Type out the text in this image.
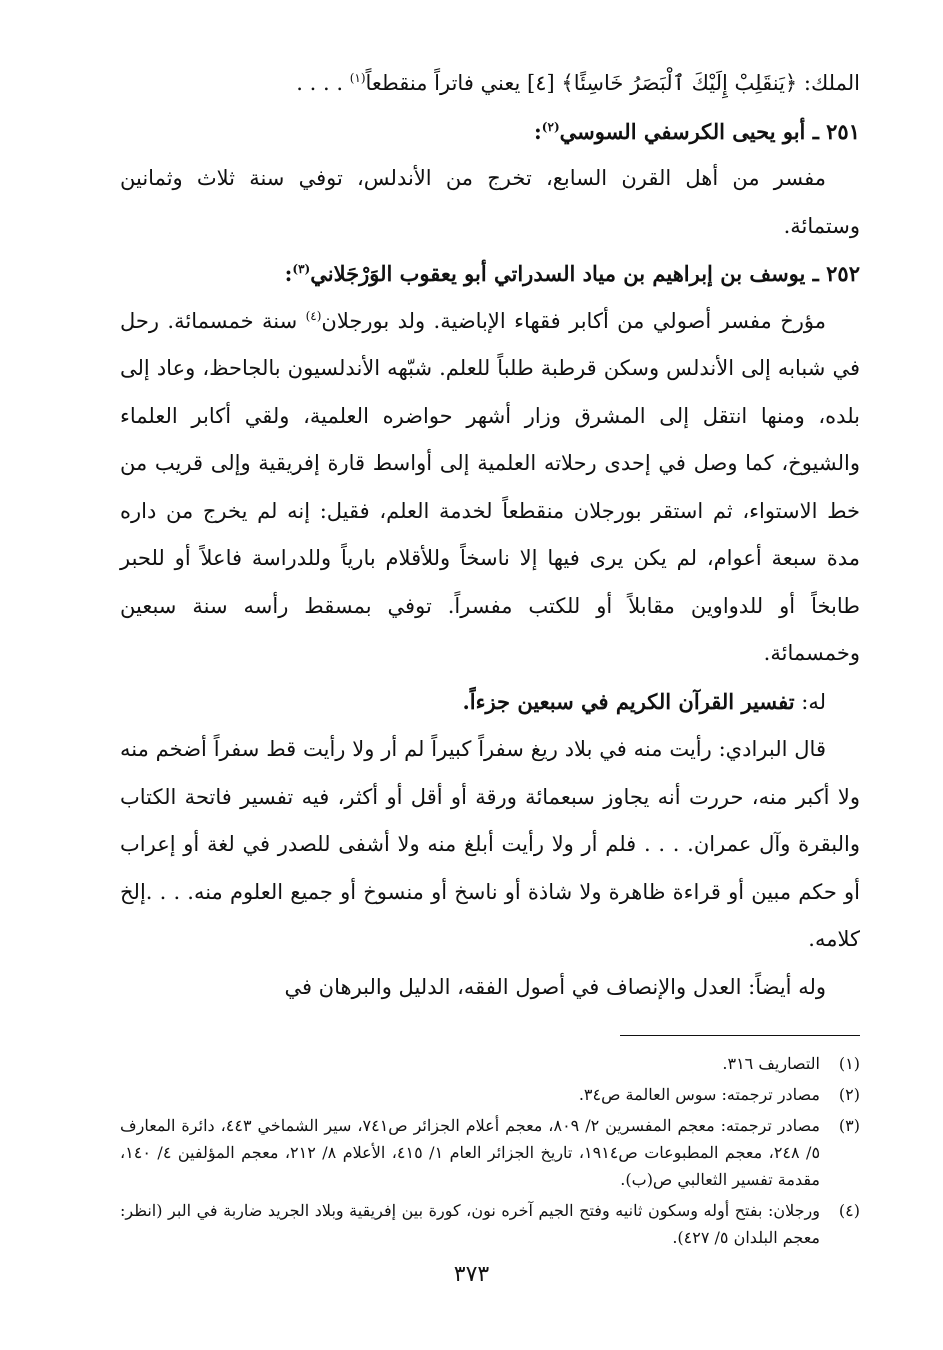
الملك: ﴿يَنقَلِبْ إِلَيْكَ ٱلْبَصَرُ خَاسِئًا﴾ [٤] يعني فاتراً منقطعاً$^{(١)}$ . . . .

٢٥١ ـ أبو يحيى الكرسفي السوسي$^{(٢)}$:

مفسر من أهل القرن السابع، تخرج من الأندلس، توفي سنة ثلاث وثمانين وستمائة.

٢٥٢ ـ يوسف بن إبراهيم بن مياد السدراتي أبو يعقوب الوَرْجَلاني$^{(٣)}$:

مؤرخ مفسر أصولي من أكابر فقهاء الإباضية. ولد بورجلان$^{(٤)}$ سنة خمسمائة. رحل في شبابه إلى الأندلس وسكن قرطبة طلباً للعلم. شبّهه الأندلسيون بالجاحظ، وعاد إلى بلده، ومنها انتقل إلى المشرق وزار أشهر حواضره العلمية، ولقي أكابر العلماء والشيوخ، كما وصل في إحدى رحلاته العلمية إلى أواسط قارة إفريقية وإلى قريب من خط الاستواء، ثم استقر بورجلان منقطعاً لخدمة العلم، فقيل: إنه لم يخرج من داره مدة سبعة أعوام، لم يكن يرى فيها إلا ناسخاً وللأقلام بارياً وللدراسة فاعلاً أو للحبر طابخاً أو للدواوين مقابلاً أو للكتب مفسراً. توفي بمسقط رأسه سنة سبعين وخمسمائة.

له: تفسير القرآن الكريم في سبعين جزءاً.

قال البرادي: رأيت منه في بلاد ريغ سفراً كبيراً لم أر ولا رأيت قط سفراً أضخم منه ولا أكبر منه، حررت أنه يجاوز سبعمائة ورقة أو أقل أو أكثر، فيه تفسير فاتحة الكتاب والبقرة وآل عمران. . . . فلم أر ولا رأيت أبلغ منه ولا أشفى للصدر في لغة أو إعراب أو حكم مبين أو قراءة ظاهرة ولا شاذة أو ناسخ أو منسوخ أو جميع العلوم منه. . . .إلخ كلامه.

وله أيضاً: العدل والإنصاف في أصول الفقه، الدليل والبرهان في

(١)
التصاريف ٣١٦.
(٢)
مصادر ترجمته: سوس العالمة ص٣٤.
(٣)
مصادر ترجمته: معجم المفسرين ٢/ ٨٠٩، معجم أعلام الجزائر ص٧٤١، سير الشماخي ٤٤٣، دائرة المعارف ٥/ ٢٤٨، معجم المطبوعات ص١٩١٤، تاريخ الجزائر العام ١/ ٤١٥، الأعلام ٨/ ٢١٢، معجم المؤلفين ٤/ ١٤٠، مقدمة تفسير الثعالبي ص(ب).
(٤)
ورجلان: بفتح أوله وسكون ثانيه وفتح الجيم آخره نون، كورة بين إفريقية وبلاد الجريد ضاربة في البر (انظر: معجم البلدان ٥/ ٤٢٧).
٣٧٣
